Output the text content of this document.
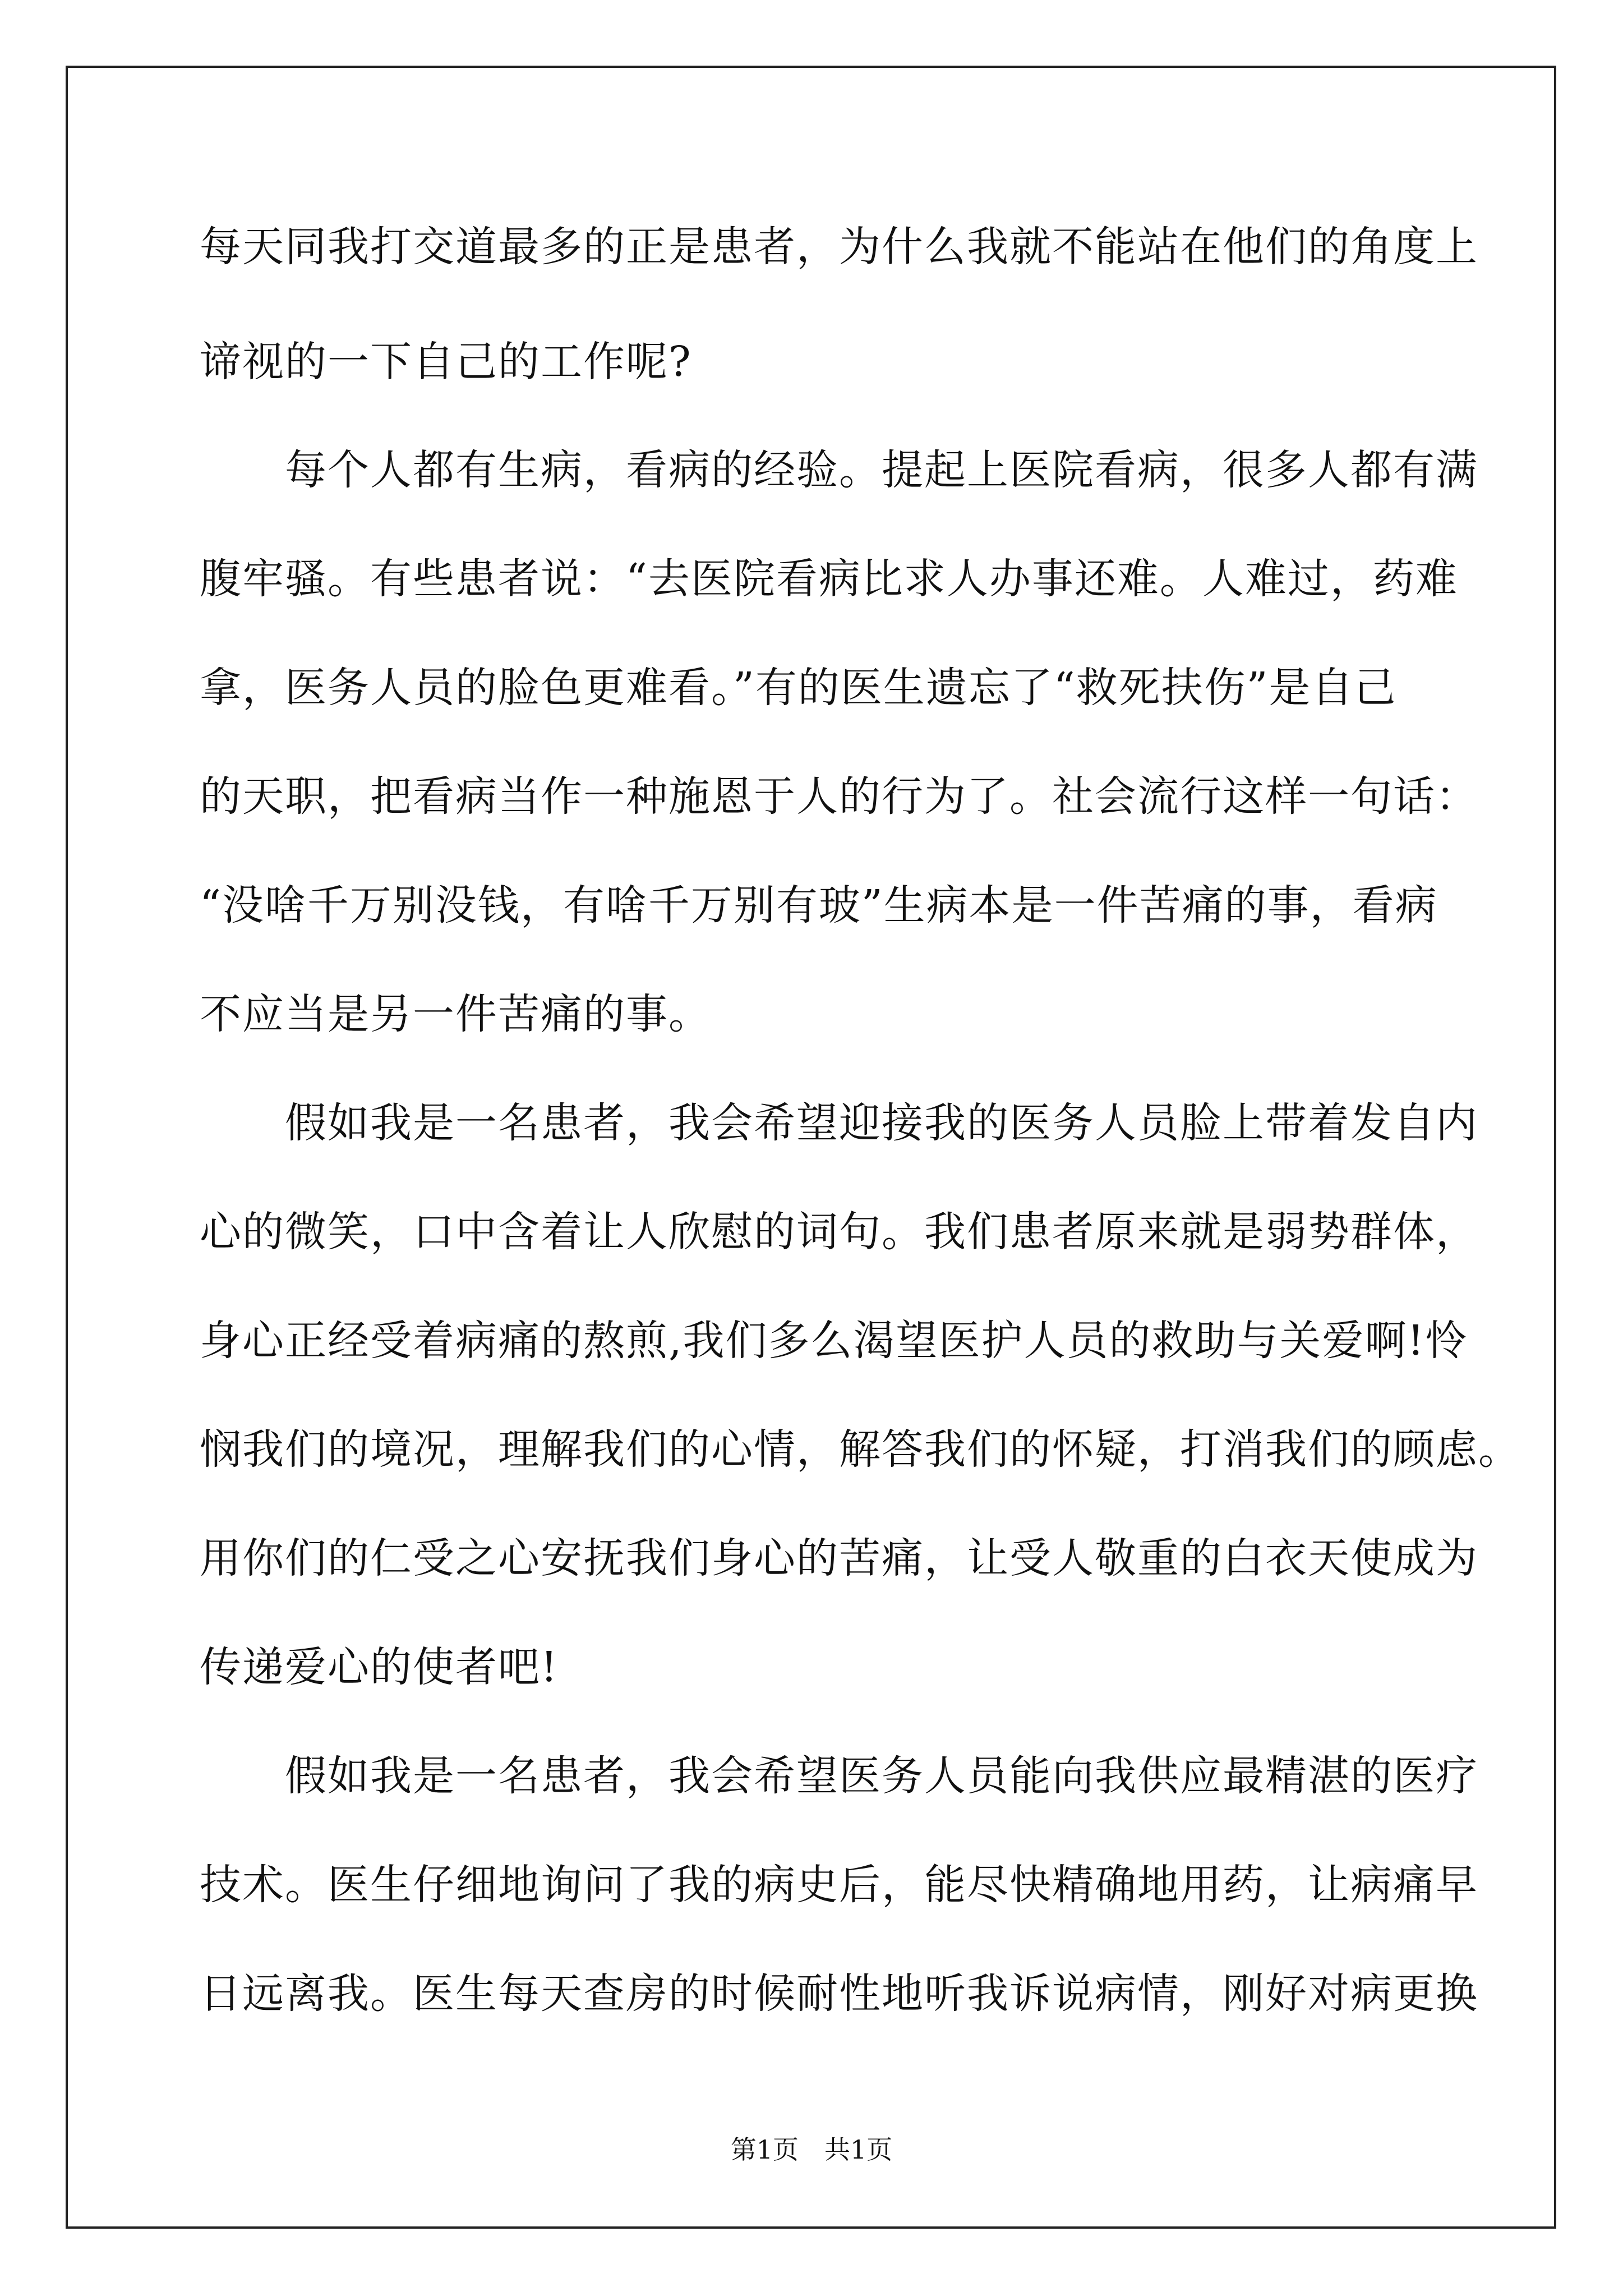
每天同我打交道最多的正是患者，为什么我就不能站在他们的角度上
谛视的一下自己的工作呢?
　　每个人都有生病，看病的经验。提起上医院看病，很多人都有满
腹牢骚。有些患者说：“去医院看病比求人办事还难。人难过，药难
拿，医务人员的脸色更难看。”有的医生遗忘了“救死扶伤”是自己
的天职，把看病当作一种施恩于人的行为了。社会流行这样一句话：
“没啥千万别没钱，有啥千万别有玻”生病本是一件苦痛的事，看病
不应当是另一件苦痛的事。
　　假如我是一名患者，我会希望迎接我的医务人员脸上带着发自内
心的微笑，口中含着让人欣慰的词句。我们患者原来就是弱势群体，
身心正经受着病痛的熬煎,我们多么渴望医护人员的救助与关爱啊!怜
悯我们的境况，理解我们的心情，解答我们的怀疑，打消我们的顾虑。
用你们的仁受之心安抚我们身心的苦痛，让受人敬重的白衣天使成为
传递爱心的使者吧!
　　假如我是一名患者，我会希望医务人员能向我供应最精湛的医疗
技术。医生仔细地询问了我的病史后，能尽快精确地用药，让病痛早
日远离我。医生每天查房的时候耐性地听我诉说病情，刚好对病更换
第1页　共1页
